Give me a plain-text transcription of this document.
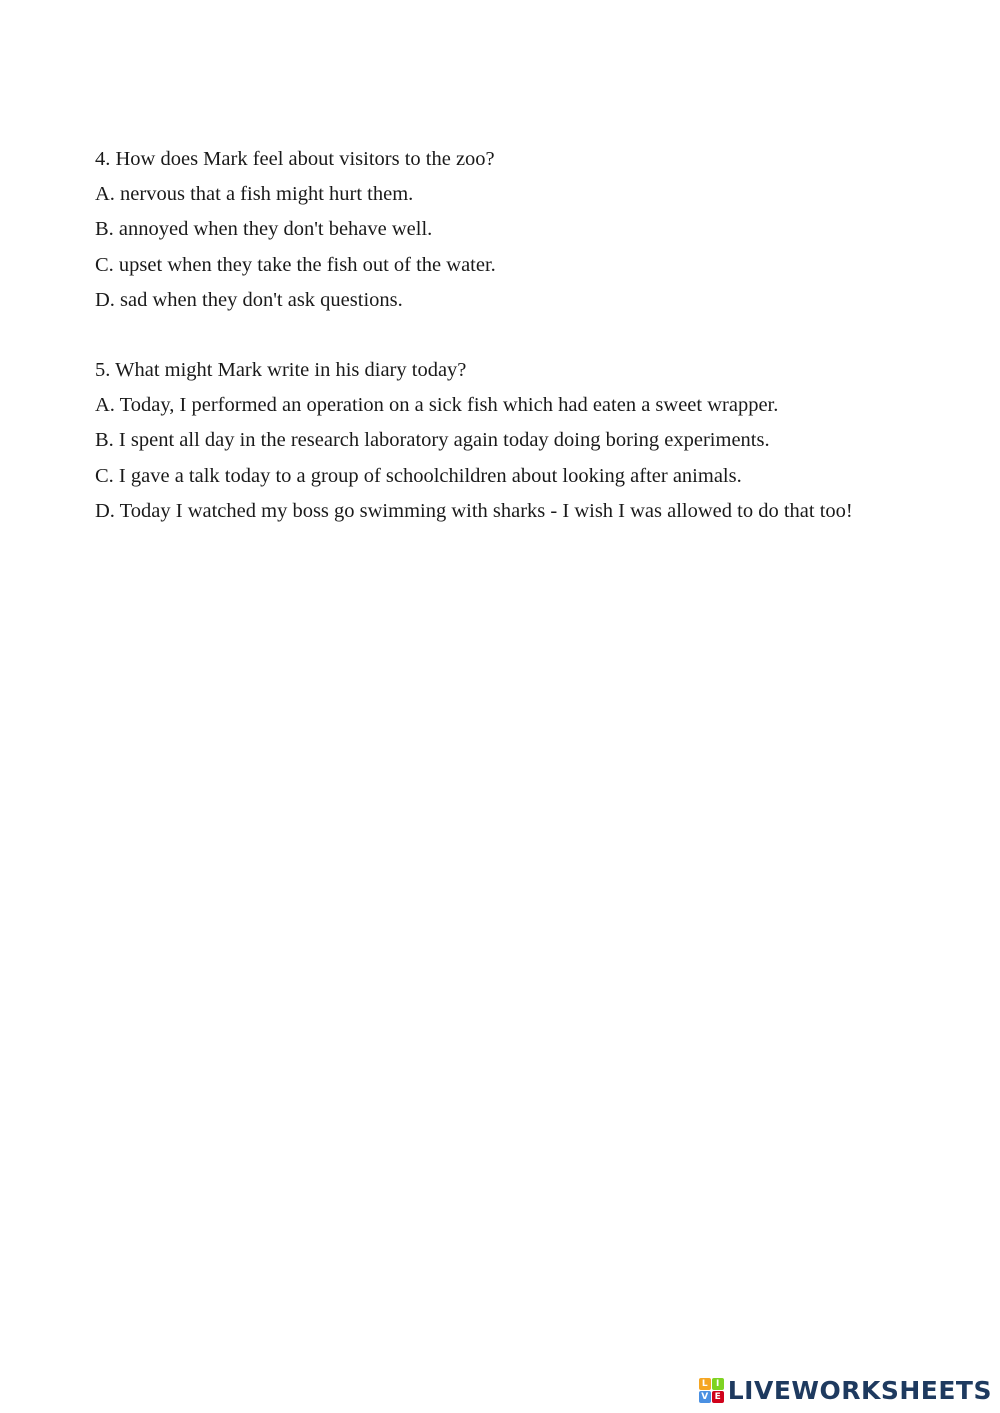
4. How does Mark feel about visitors to the zoo?
A. nervous that a fish might hurt them.
B. annoyed when they don't behave well.
C. upset when they take the fish out of the water.
D. sad when they don't ask questions.
5. What might Mark write in his diary today?
A. Today, I performed an operation on a sick fish which had eaten a sweet wrapper.
B. I spent all day in the research laboratory again today doing boring experiments.
C. I gave a talk today to a group of schoolchildren about looking after animals.
D. Today I watched my boss go swimming with sharks - I wish I was allowed to do that too!
L I
V E LIVEWORKSHEETS
